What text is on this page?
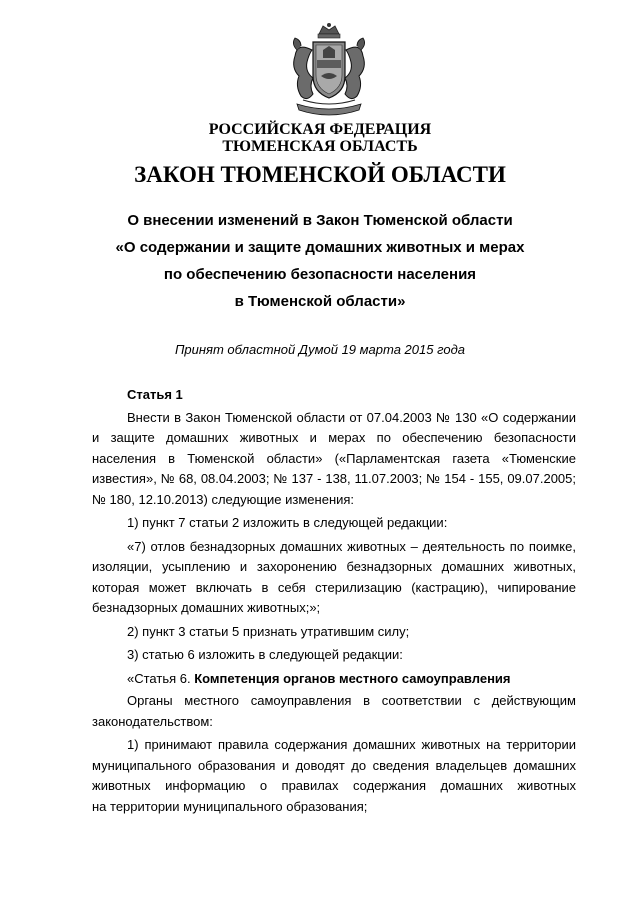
РОССИЙСКАЯ ФЕДЕРАЦИЯ
ТЮМЕНСКАЯ ОБЛАСТЬ
ЗАКОН ТЮМЕНСКОЙ ОБЛАСТИ
О внесении изменений в Закон Тюменской области
«О содержании и защите домашних животных и мерах
по обеспечению безопасности населения
в Тюменской области»
Принят областной Думой 19 марта 2015 года

Статья 1

Внести в Закон Тюменской области от 07.04.2003 № 130 «О содержании
и защите домашних животных и мерах по обеспечению безопасности
населения в Тюменской области» («Парламентская газета «Тюменские
известия», № 68, 08.04.2003; № 137 - 138, 11.07.2003; № 154 - 155, 09.07.2005;
№ 180, 12.10.2013) следующие изменения:
1) пункт 7 статьи 2 изложить в следующей редакции:
«7) отлов безнадзорных домашних животных – деятельность по поимке,
изоляции, усыплению и захоронению безнадзорных домашних животных,
которая может включать в себя стерилизацию (кастрацию), чипирование
безнадзорных домашних животных;»;
2) пункт 3 статьи 5 признать утратившим силу;
3) статью 6 изложить в следующей редакции:
«Статья 6. Компетенция органов местного самоуправления
Органы местного самоуправления в соответствии с действующим
законодательством:
1) принимают правила содержания домашних животных на территории
муниципального образования и доводят до сведения владельцев домашних
животных информацию о правилах содержания домашних животных
на территории муниципального образования;
